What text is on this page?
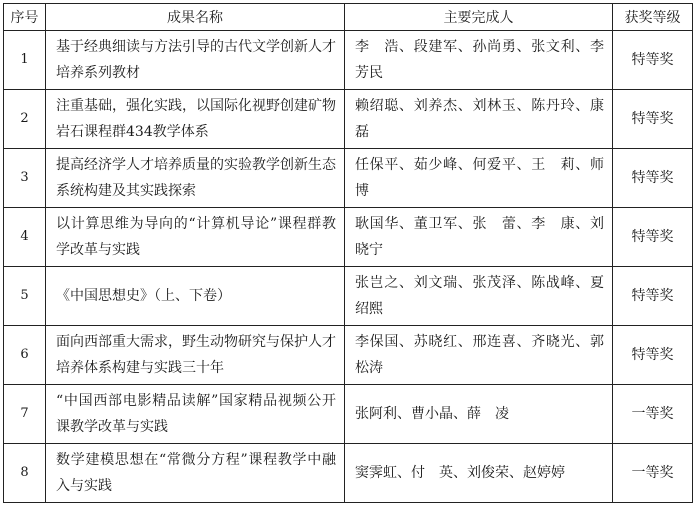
序号	成果名称	主要完成人	获奖等级
1	基于经典细读与方法引导的古代文学创新人才培养系列教材	李　浩、段建军、孙尚勇、张文利、李芳民	特等奖
2	注重基础，强化实践，以国际化视野创建矿物岩石课程群434教学体系	赖绍聪、刘养杰、刘林玉、陈丹玲、康　磊	特等奖
3	提高经济学人才培养质量的实验教学创新生态系统构建及其实践探索	任保平、茹少峰、何爱平、王　莉、师　博	特等奖
4	以计算思维为导向的“计算机导论”课程群教学改革与实践	耿国华、董卫军、张　蕾、李　康、刘晓宁	特等奖
5	《中国思想史》（上、下卷）	张岂之、刘文瑞、张茂泽、陈战峰、夏绍熙	特等奖
6	面向西部重大需求，野生动物研究与保护人才培养体系构建与实践三十年	李保国、苏晓红、邢连喜、齐晓光、郭松涛	特等奖
7	“中国西部电影精品读解”国家精品视频公开课教学改革与实践	张阿利、曹小晶、薛　凌	一等奖
8	数学建模思想在“常微分方程”课程教学中融入与实践	窦霁虹、付　英、刘俊荣、赵婷婷	一等奖
